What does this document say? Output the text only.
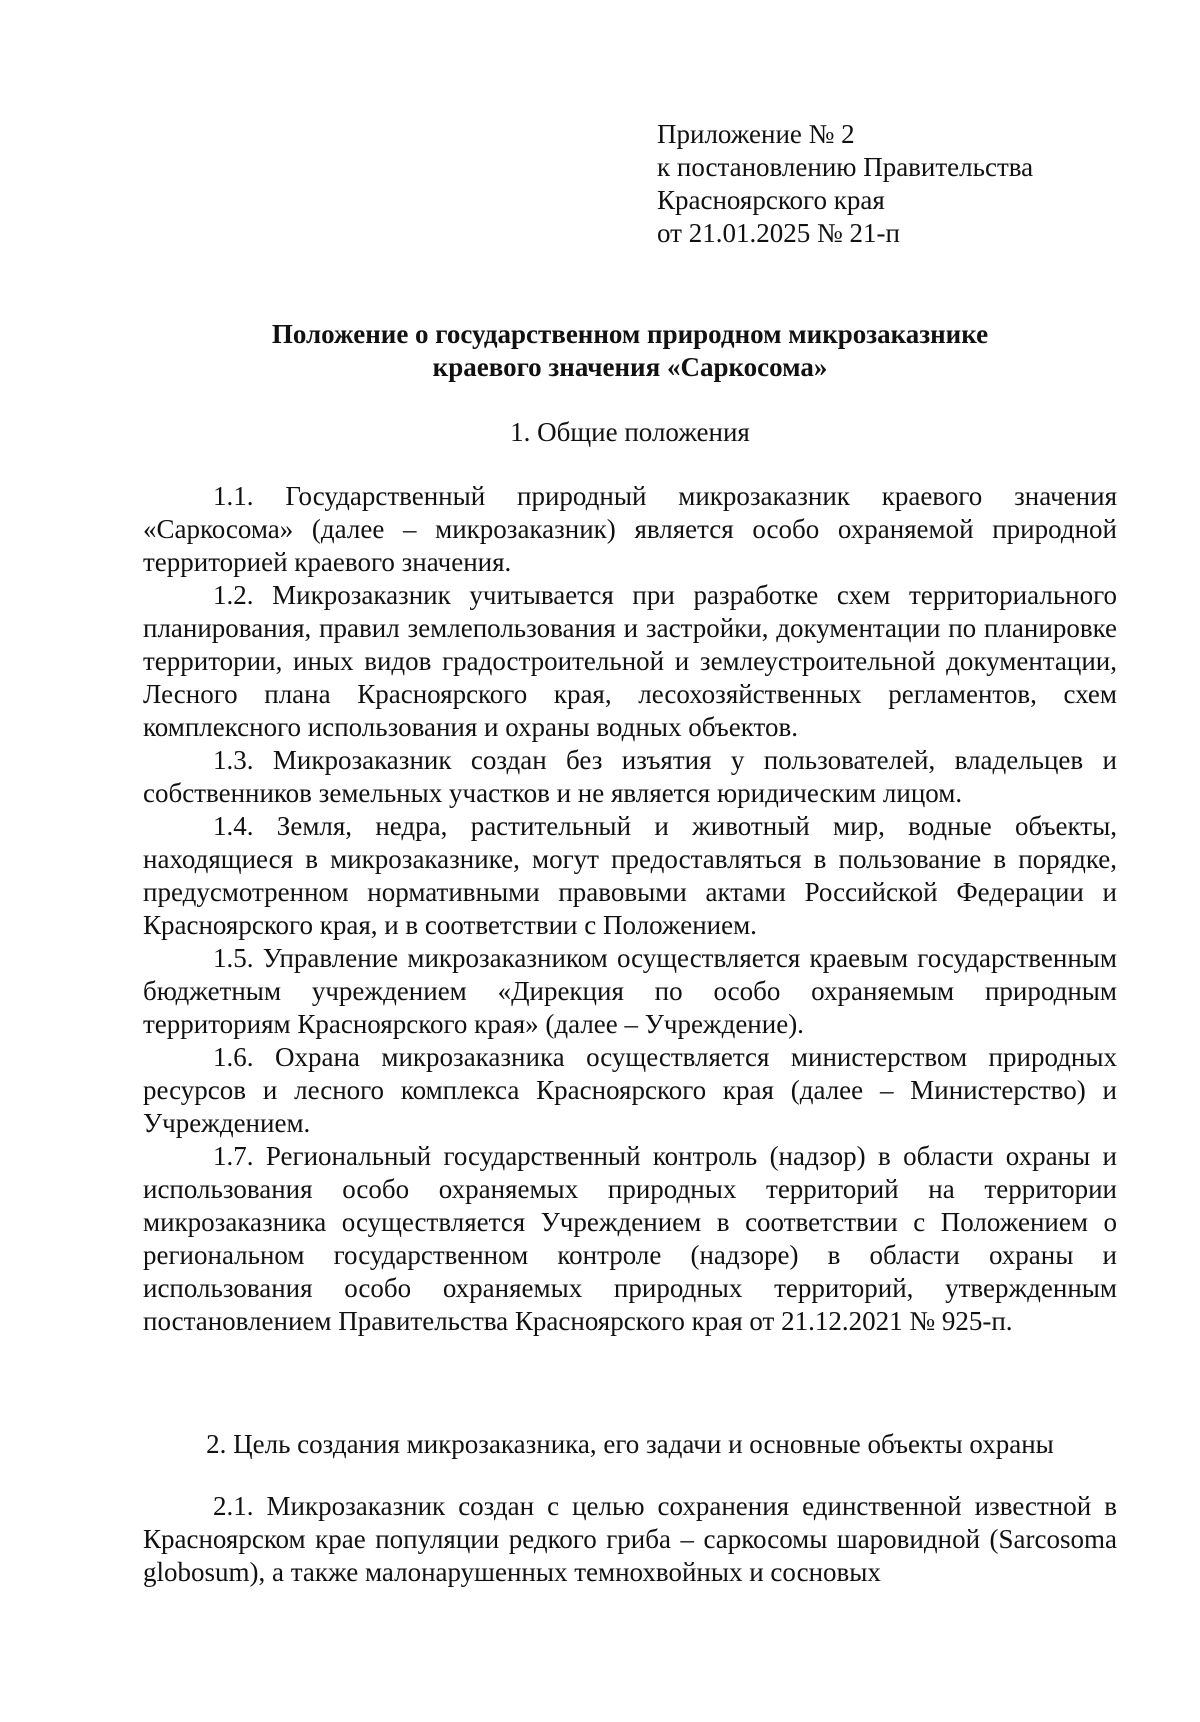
Приложение № 2
к постановлению Правительства
Красноярского края
от 21.01.2025 № 21-п
Положение о государственном природном микрозаказнике
краевого значения «Саркосома»
1. Общие положения

1.1. Государственный природный микрозаказник краевого значения «Саркосома» (далее – микрозаказник) является особо охраняемой природной территорией краевого значения.

1.2. Микрозаказник учитывается при разработке схем территориального планирования, правил землепользования и застройки, документации по планировке территории, иных видов градостроительной и землеустроительной документации, Лесного плана Красноярского края, лесохозяйственных регламентов, схем комплексного использования и охраны водных объектов.

1.3. Микрозаказник создан без изъятия у пользователей, владельцев и собственников земельных участков и не является юридическим лицом.

1.4. Земля, недра, растительный и животный мир, водные объекты, находящиеся в микрозаказнике, могут предоставляться в пользование в порядке, предусмотренном нормативными правовыми актами Российской Федерации и Красноярского края, и в соответствии с Положением.

1.5. Управление микрозаказником осуществляется краевым государственным бюджетным учреждением «Дирекция по особо охраняемым природным территориям Красноярского края» (далее – Учреждение).

1.6. Охрана микрозаказника осуществляется министерством природных ресурсов и лесного комплекса Красноярского края (далее – Министерство) и Учреждением.

1.7. Региональный государственный контроль (надзор) в области охраны и использования особо охраняемых природных территорий на территории микрозаказника осуществляется Учреждением в соответствии с Положением о региональном государственном контроле (надзоре) в области охраны и использования особо охраняемых природных территорий, утвержденным постановлением Правительства Красноярского края от 21.12.2021 № 925-п.

2. Цель создания микрозаказника, его задачи и основные объекты охраны

2.1. Микрозаказник создан с целью сохранения единственной известной в Красноярском крае популяции редкого гриба – саркосомы шаровидной (Sarcosoma globosum), а также малонарушенных темнохвойных и сосновых
